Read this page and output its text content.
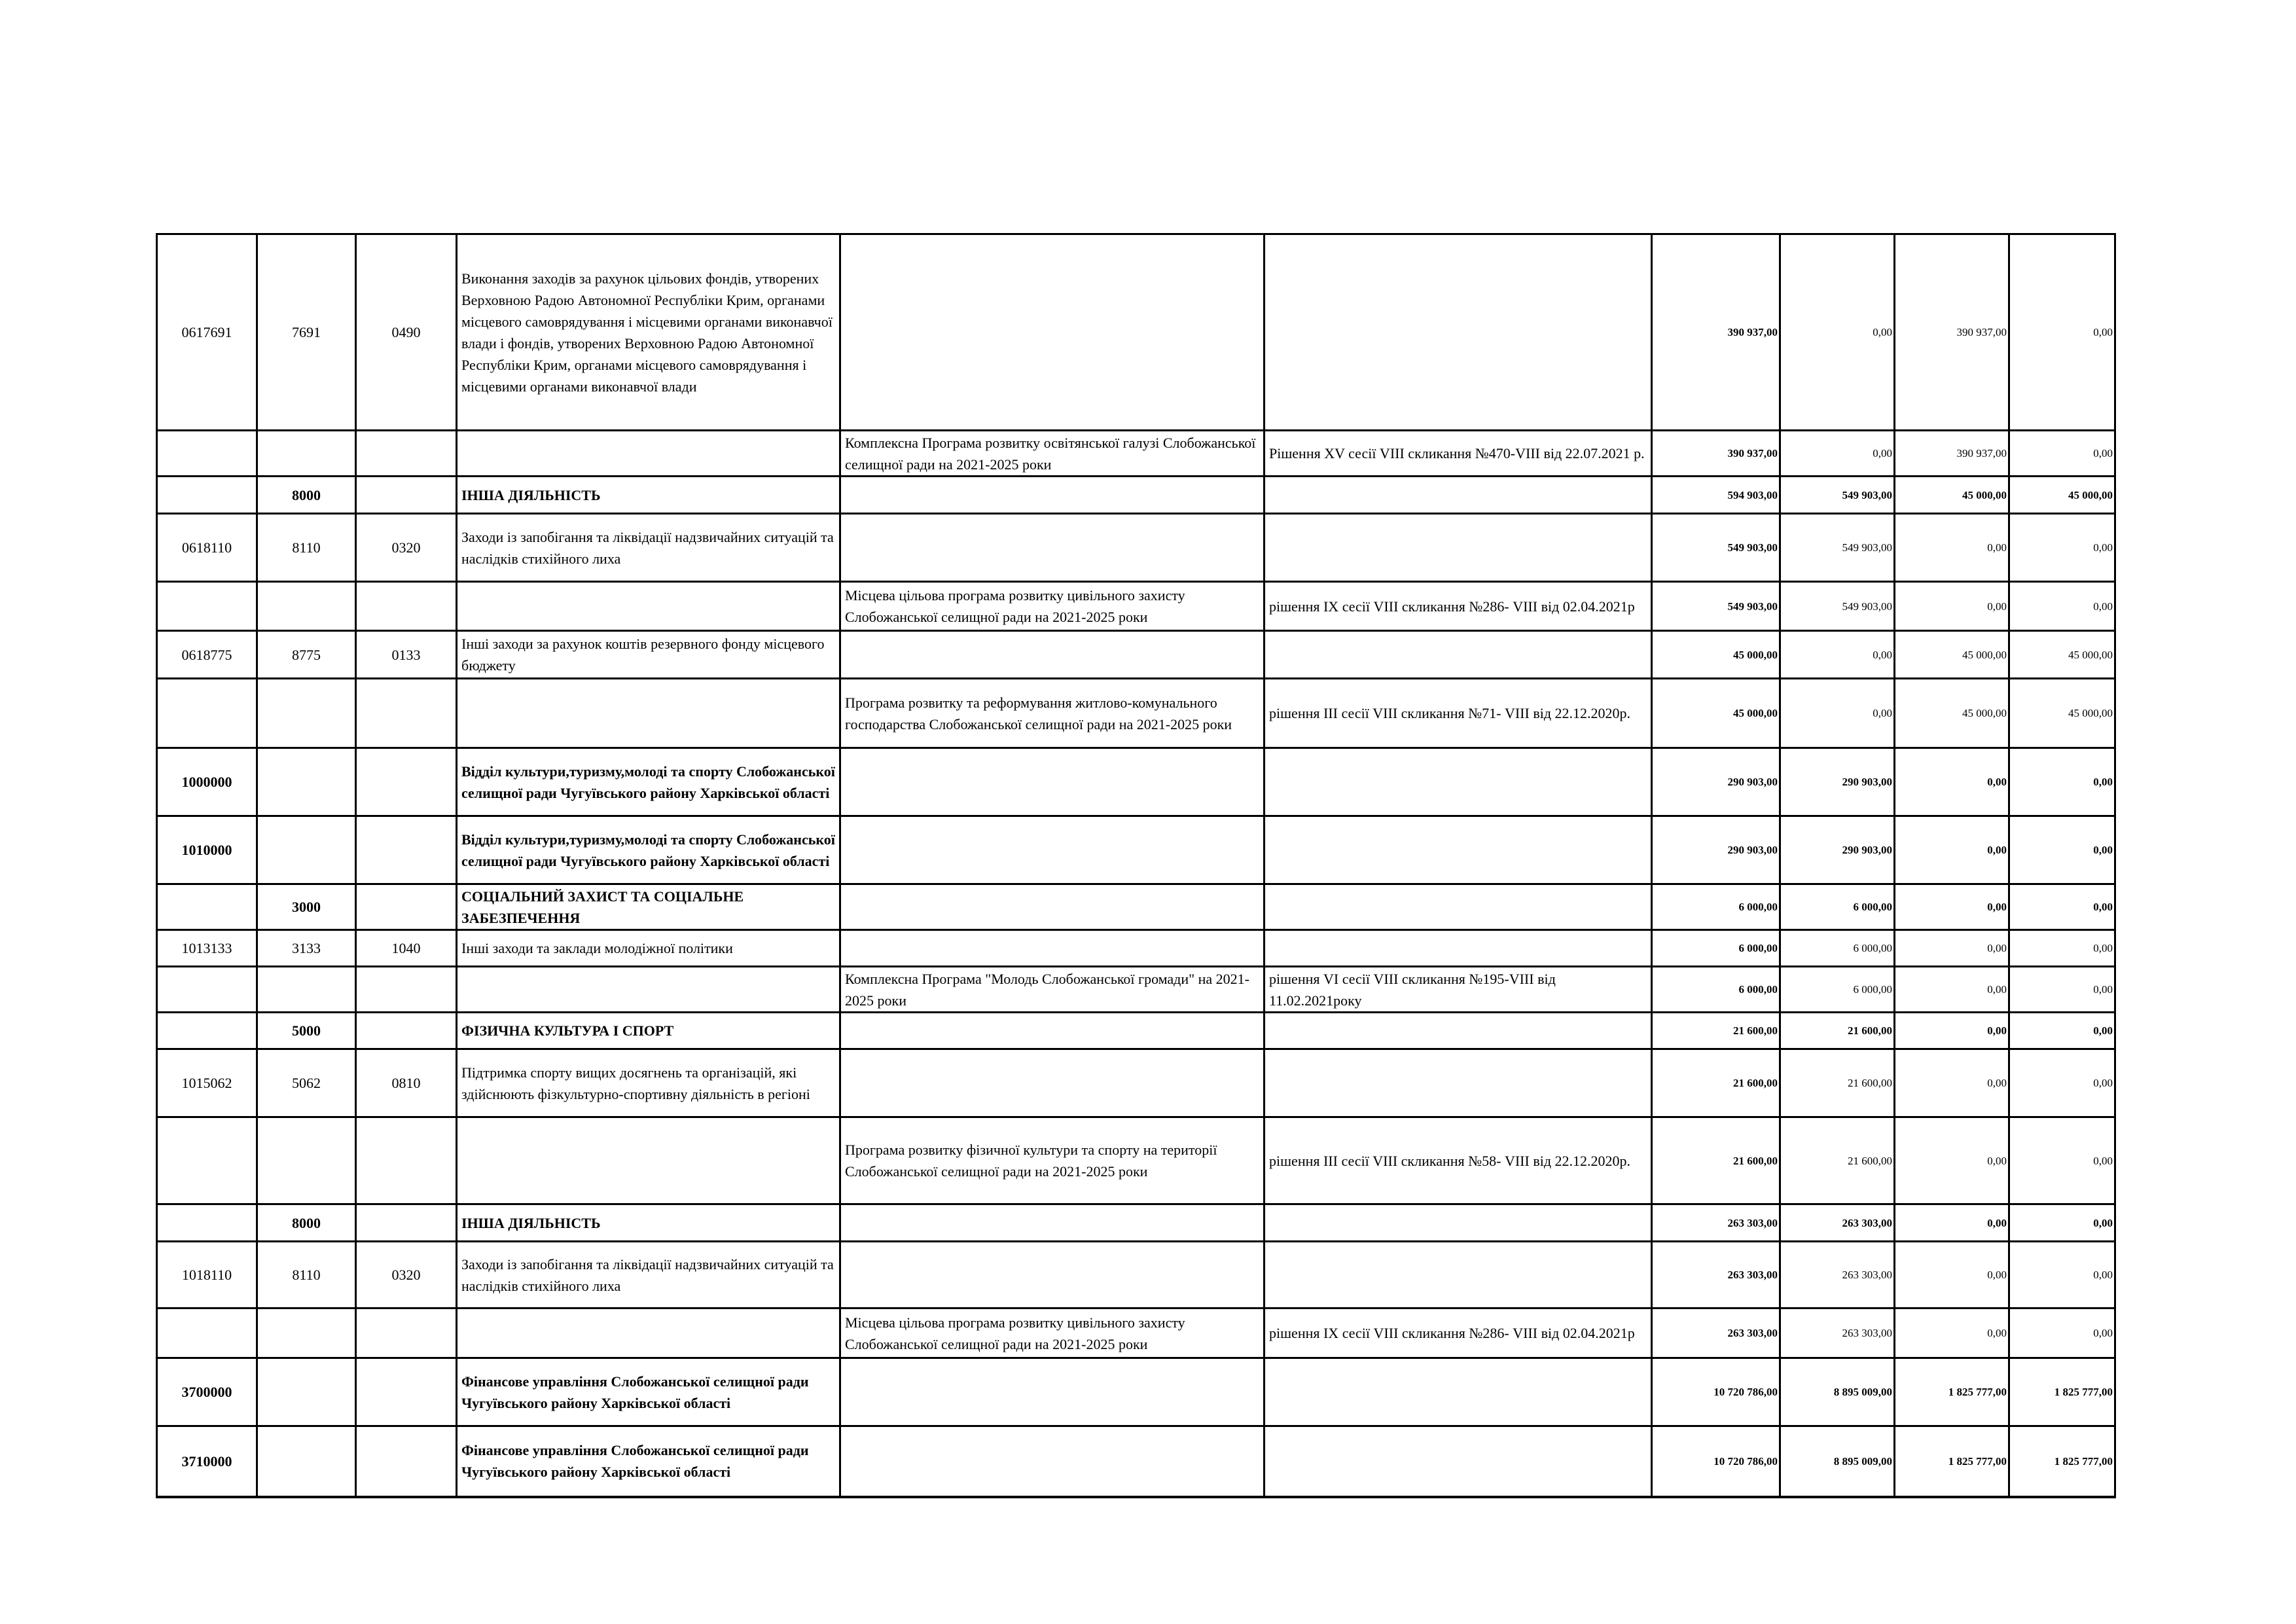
0617691	7691	0490	Виконання заходів за рахунок цільових фондів, утворених Верховною Радою Автономної Республіки Крим, органами місцевого самоврядування і місцевими органами виконавчої влади і фондів, утворених Верховною Радою Автономної Республіки Крим, органами місцевого самоврядування і місцевими органами виконавчої влади			390 937,00	0,00	390 937,00	0,00
				Комплексна Програма розвитку освітянської галузі Слобожанської селищної ради на 2021-2025 роки	Рішення XV сесії VIII скликання №470-VIII від 22.07.2021 р.	390 937,00	0,00	390 937,00	0,00
	8000		ІНША ДІЯЛЬНІСТЬ			594 903,00	549 903,00	45 000,00	45 000,00
0618110	8110	0320	Заходи із запобігання та ліквідації надзвичайних ситуацій та наслідків стихійного лиха			549 903,00	549 903,00	0,00	0,00
				Місцева цільова програма розвитку цивільного захисту Слобожанської селищної ради на 2021-2025 роки	рішення IX сесії VIII скликання №286- VIII від 02.04.2021р	549 903,00	549 903,00	0,00	0,00
0618775	8775	0133	Інші заходи за рахунок коштів резервного фонду місцевого бюджету			45 000,00	0,00	45 000,00	45 000,00
				Програма розвитку та реформування житлово-комунального господарства Слобожанської селищної ради на 2021-2025 роки	рішення III сесії VIII скликання №71- VIII від 22.12.2020р.	45 000,00	0,00	45 000,00	45 000,00
1000000			Відділ культури,туризму,молоді та спорту Слобожанської селищної ради Чугуївського району Харківської області			290 903,00	290 903,00	0,00	0,00
1010000			Відділ культури,туризму,молоді та спорту Слобожанської селищної ради Чугуївського району Харківської області			290 903,00	290 903,00	0,00	0,00
	3000		СОЦІАЛЬНИЙ ЗАХИСТ ТА СОЦІАЛЬНЕ ЗАБЕЗПЕЧЕННЯ			6 000,00	6 000,00	0,00	0,00
1013133	3133	1040	Інші заходи та заклади молодіжної політики			6 000,00	6 000,00	0,00	0,00
				Комплексна Програма "Молодь Слобожанської громади" на 2021-2025 роки	рішення VI сесії VIII скликання №195-VIII від 11.02.2021року	6 000,00	6 000,00	0,00	0,00
	5000		ФІЗИЧНА КУЛЬТУРА І СПОРТ			21 600,00	21 600,00	0,00	0,00
1015062	5062	0810	Підтримка спорту вищих досягнень та організацій, які здійснюють фізкультурно-спортивну діяльність в регіоні			21 600,00	21 600,00	0,00	0,00
				Програма розвитку фізичної культури та спорту на території Слобожанської селищної ради на 2021-2025 роки	рішення III сесії VIII скликання №58- VIII від 22.12.2020р.	21 600,00	21 600,00	0,00	0,00
	8000		ІНША ДІЯЛЬНІСТЬ			263 303,00	263 303,00	0,00	0,00
1018110	8110	0320	Заходи із запобігання та ліквідації надзвичайних ситуацій та наслідків стихійного лиха			263 303,00	263 303,00	0,00	0,00
				Місцева цільова програма розвитку цивільного захисту Слобожанської селищної ради на 2021-2025 роки	рішення IX сесії VIII скликання №286- VIII від 02.04.2021р	263 303,00	263 303,00	0,00	0,00
3700000			Фінансове управління Слобожанської селищної ради Чугуївського району Харківської області			10 720 786,00	8 895 009,00	1 825 777,00	1 825 777,00
3710000			Фінансове управління Слобожанської селищної ради Чугуївського району Харківської області			10 720 786,00	8 895 009,00	1 825 777,00	1 825 777,00
